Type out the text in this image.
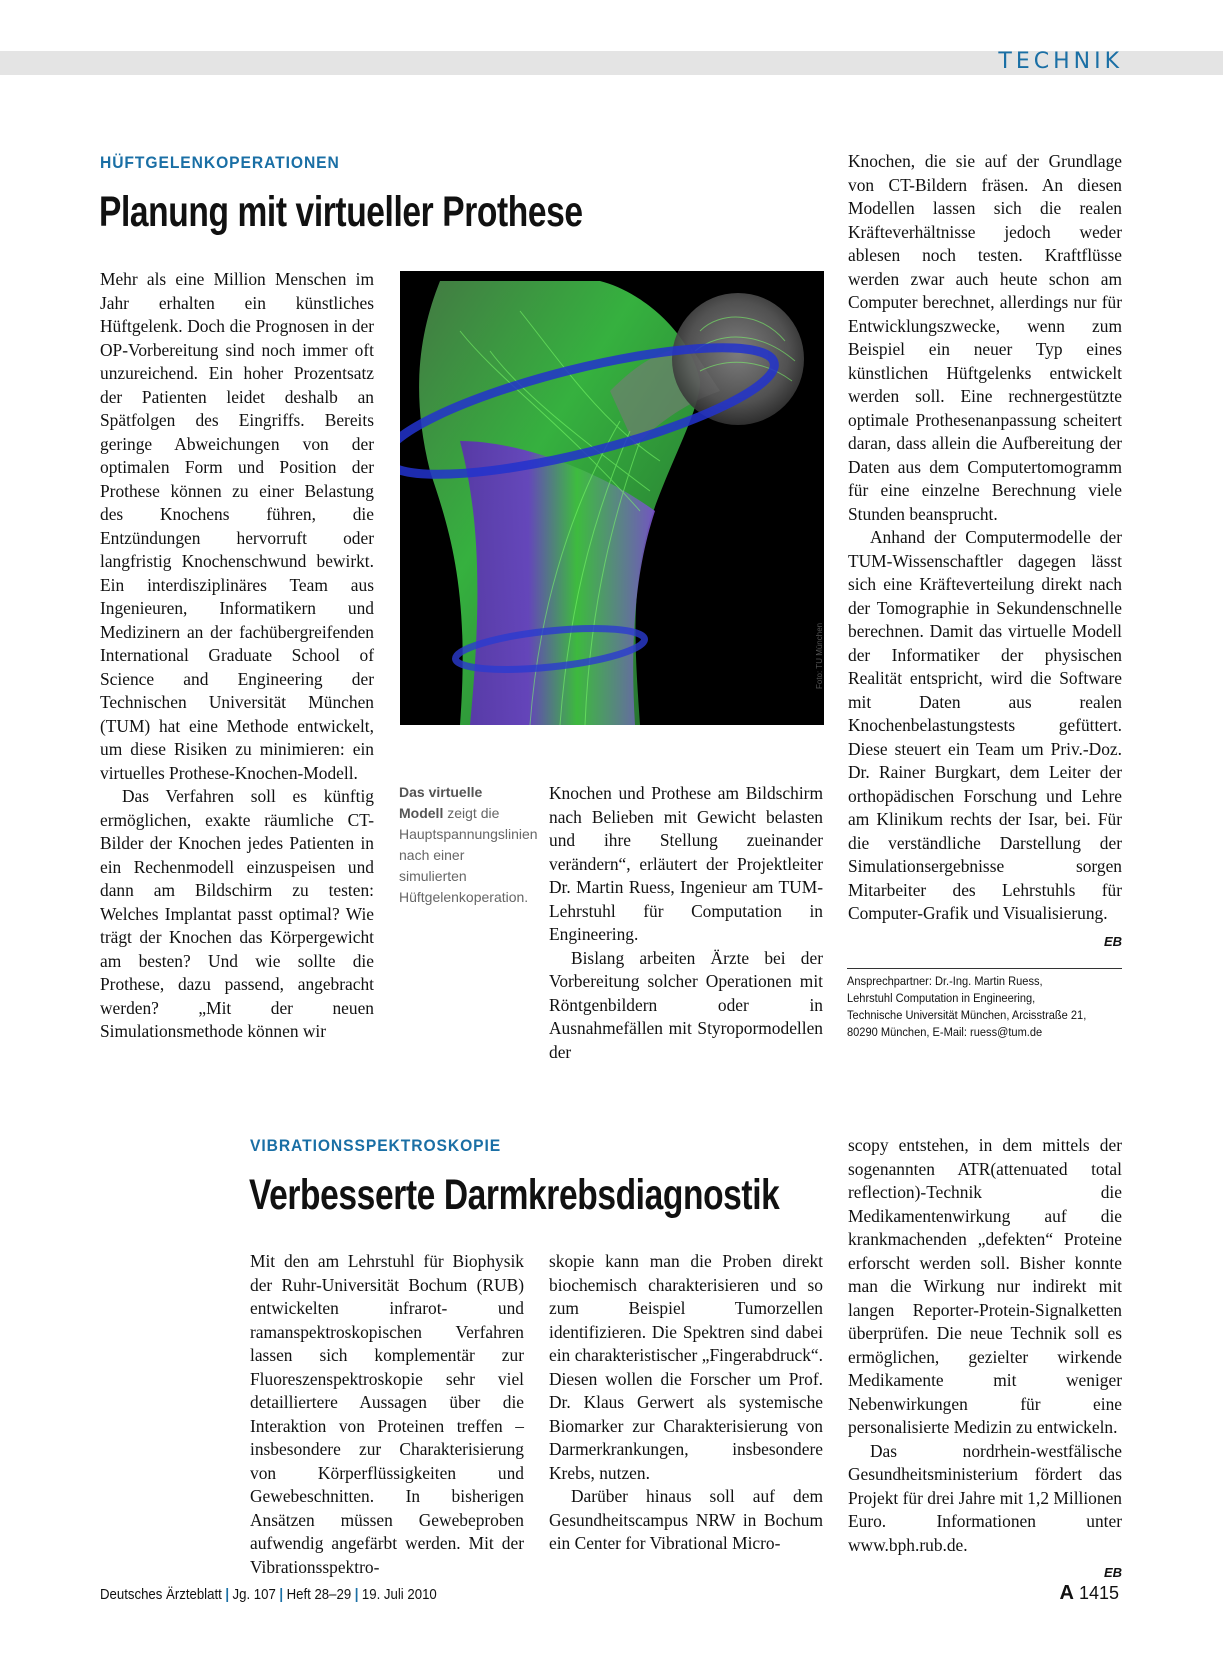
TECHNIK
HÜFTGELENKOPERATIONEN
Planung mit virtueller Prothese

Mehr als eine Million Menschen im Jahr erhalten ein künstliches Hüftgelenk. Doch die Prognosen in der OP-Vorbereitung sind noch immer oft unzureichend. Ein hoher Prozentsatz der Patienten leidet deshalb an Spätfolgen des Eingriffs. Bereits geringe Abweichungen von der optimalen Form und Position der Prothese können zu einer Belastung des Knochens führen, die Entzündungen hervorruft oder langfristig Knochenschwund bewirkt. Ein interdisziplinäres Team aus Ingenieuren, Informatikern und Medizinern an der fachübergreifenden International Graduate School of Science and Engineering der Technischen Universität München (TUM) hat eine Methode entwickelt, um diese Risiken zu minimieren: ein virtuelles Prothese-Knochen-Modell.

Das Verfahren soll es künftig ermöglichen, exakte räumliche CT-Bilder der Knochen jedes Patienten in ein Rechenmodell einzuspeisen und dann am Bildschirm zu testen: Welches Implantat passt optimal? Wie trägt der Knochen das Körpergewicht am besten? Und wie sollte die Prothese, dazu passend, angebracht werden? „Mit der neuen Simulationsmethode können wir

Foto: TU München
Das virtuelle Modell zeigt die Hauptspannungslinien nach einer simulierten Hüftgelenkoperation.

Knochen und Prothese am Bildschirm nach Belieben mit Gewicht belasten und ihre Stellung zueinander verändern“, erläutert der Projektleiter Dr. Martin Ruess, Ingenieur am TUM-Lehrstuhl für Computation in Engineering.

Bislang arbeiten Ärzte bei der Vorbereitung solcher Operationen mit Röntgenbildern oder in Ausnahmefällen mit Styropormodellen der

Knochen, die sie auf der Grundlage von CT-Bildern fräsen. An diesen Modellen lassen sich die realen Kräfteverhältnisse jedoch weder ablesen noch testen. Kraftflüsse werden zwar auch heute schon am Computer berechnet, allerdings nur für Entwicklungszwecke, wenn zum Beispiel ein neuer Typ eines künstlichen Hüftgelenks entwickelt werden soll. Eine rechnergestützte optimale Prothesenanpassung scheitert daran, dass allein die Aufbereitung der Daten aus dem Computertomogramm für eine einzelne Berechnung viele Stunden beansprucht.

Anhand der Computermodelle der TUM-Wissenschaftler dagegen lässt sich eine Kräfteverteilung direkt nach der Tomographie in Sekundenschnelle berechnen. Damit das virtuelle Modell der Informatiker der physischen Realität entspricht, wird die Software mit Daten aus realen Knochenbelastungstests gefüttert. Diese steuert ein Team um Priv.-Doz. Dr. Rainer Burgkart, dem Leiter der orthopädischen Forschung und Lehre am Klinikum rechts der Isar, bei. Für die verständliche Darstellung der Simulationsergebnisse sorgen Mitarbeiter des Lehrstuhls für Computer-Grafik und Visualisierung.

EB
Ansprechpartner: Dr.-Ing. Martin Ruess,
Lehrstuhl Computation in Engineering,
Technische Universität München, Arcisstraße 21,
80290 München, E-Mail: ruess@tum.de
VIBRATIONSSPEKTROSKOPIE
Verbesserte Darmkrebsdiagnostik

Mit den am Lehrstuhl für Biophysik der Ruhr-Universität Bochum (RUB) entwickelten infrarot- und ramanspektroskopischen Verfahren lassen sich komplementär zur Fluoreszenspektroskopie sehr viel detailliertere Aussagen über die Interaktion von Proteinen treffen – insbesondere zur Charakterisierung von Körperflüssigkeiten und Gewebeschnitten. In bisherigen Ansätzen müssen Gewebeproben aufwendig angefärbt werden. Mit der Vibrationsspektro-

skopie kann man die Proben direkt biochemisch charakterisieren und so zum Beispiel Tumorzellen identifizieren. Die Spektren sind dabei ein charakteristischer „Fingerabdruck“. Diesen wollen die Forscher um Prof. Dr. Klaus Gerwert als systemische Biomarker zur Charakterisierung von Darmerkrankungen, insbesondere Krebs, nutzen.

Darüber hinaus soll auf dem Gesundheitscampus NRW in Bochum ein Center for Vibrational Micro-

scopy entstehen, in dem mittels der sogenannten ATR(attenuated total reflection)-Technik die Medikamentenwirkung auf die krankmachenden „defekten“ Proteine erforscht werden soll. Bisher konnte man die Wirkung nur indirekt mit langen Reporter-Protein-Signalketten überprüfen. Die neue Technik soll es ermöglichen, gezielter wirkende Medikamente mit weniger Nebenwirkungen für eine personalisierte Medizin zu entwickeln.

Das nordrhein-westfälische Gesundheitsministerium fördert das Projekt für drei Jahre mit 1,2 Millionen Euro. Informationen unter www.bph.rub.de.

EB
Deutsches Ärzteblatt | Jg. 107 | Heft 28–29 | 19. Juli 2010	A 1415
